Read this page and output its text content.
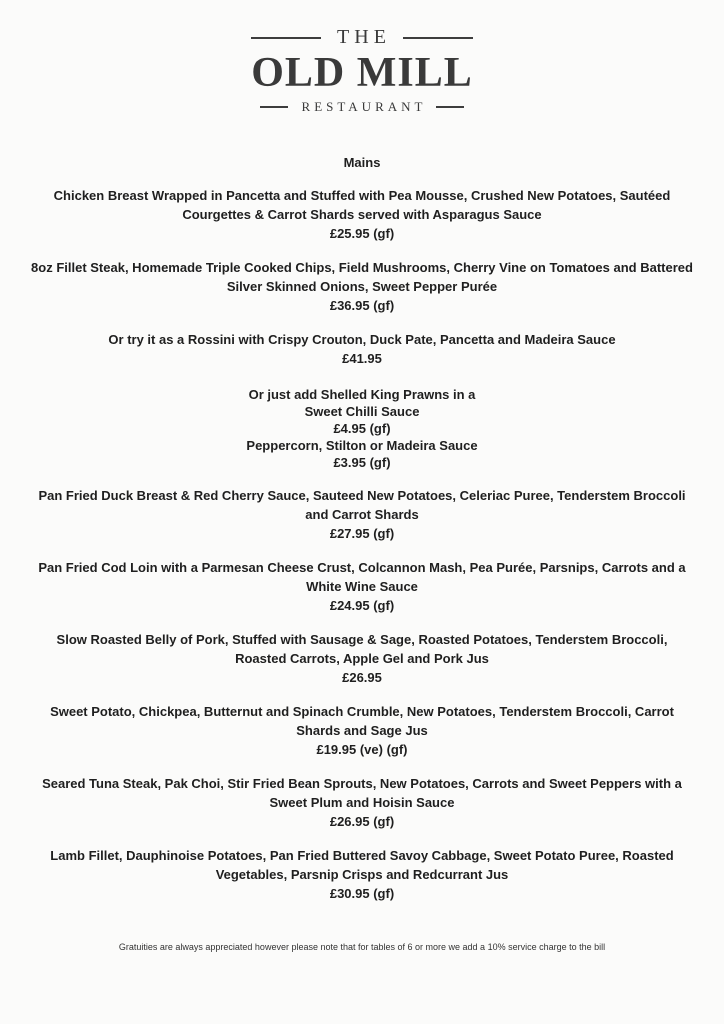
THE
OLD MILL
RESTAURANT
Mains
Chicken Breast Wrapped in Pancetta and Stuffed with Pea Mousse, Crushed New Potatoes, Sautéed Courgettes & Carrot Shards served with Asparagus Sauce
£25.95 (gf)
8oz Fillet Steak, Homemade Triple Cooked Chips, Field Mushrooms, Cherry Vine on Tomatoes and Battered Silver Skinned Onions, Sweet Pepper Purée
£36.95 (gf)
Or try it as a Rossini with Crispy Crouton, Duck Pate, Pancetta and Madeira Sauce
£41.95
Or just add Shelled King Prawns in a
Sweet Chilli Sauce
£4.95 (gf)
Peppercorn, Stilton or Madeira Sauce
£3.95 (gf)
Pan Fried Duck Breast & Red Cherry Sauce, Sauteed New Potatoes, Celeriac Puree, Tenderstem Broccoli and Carrot Shards
£27.95 (gf)
Pan Fried Cod Loin with a Parmesan Cheese Crust, Colcannon Mash, Pea Purée, Parsnips, Carrots and a White Wine Sauce
£24.95 (gf)
Slow Roasted Belly of Pork, Stuffed with Sausage & Sage, Roasted Potatoes, Tenderstem Broccoli, Roasted Carrots, Apple Gel and Pork Jus
£26.95
Sweet Potato, Chickpea, Butternut and Spinach Crumble, New Potatoes, Tenderstem Broccoli, Carrot Shards and Sage Jus
£19.95 (ve) (gf)
Seared Tuna Steak, Pak Choi, Stir Fried Bean Sprouts, New Potatoes, Carrots and Sweet Peppers with a Sweet Plum and Hoisin Sauce
£26.95 (gf)
Lamb Fillet, Dauphinoise Potatoes, Pan Fried Buttered Savoy Cabbage, Sweet Potato Puree, Roasted Vegetables, Parsnip Crisps and Redcurrant Jus
£30.95 (gf)
Gratuities are always appreciated however please note that for tables of 6 or more we add a 10% service charge to the bill
